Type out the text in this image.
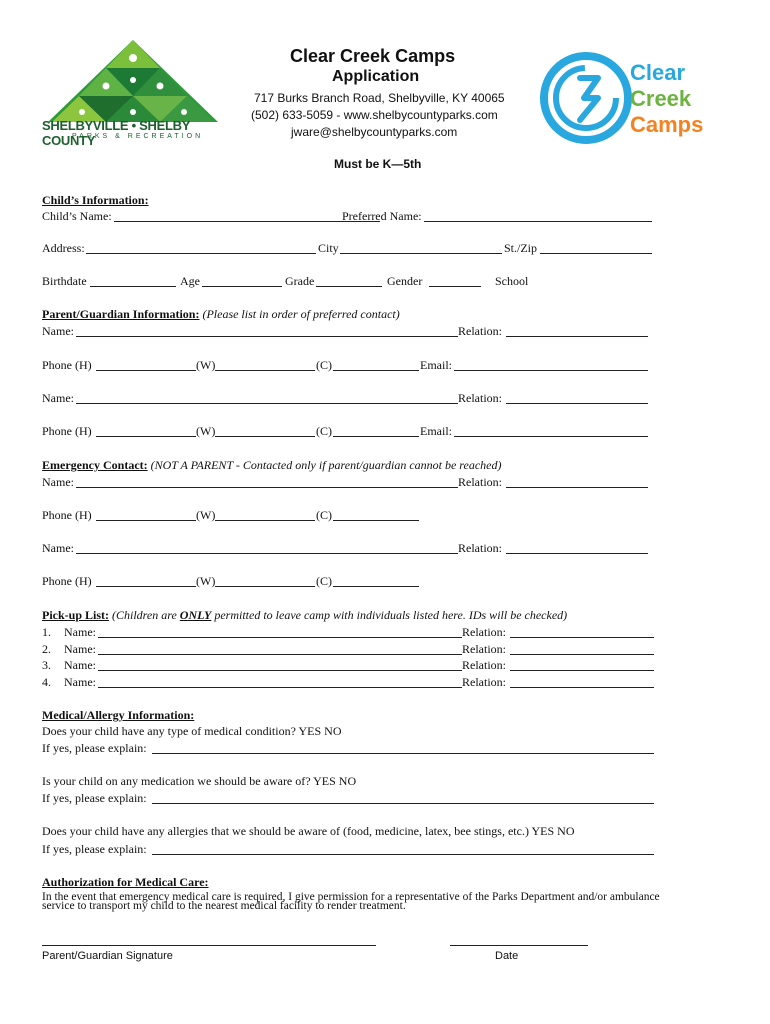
SHELBYVILLE • SHELBY COUNTY
PARKS & RECREATION
Clear Creek Camps
Application
717 Burks Branch Road, Shelbyville, KY 40065
(502) 633-5059 - www.shelbycountyparks.com
jware@shelbycountyparks.com
Must be K—5th
Clear
Creek
Camps
Child’s Information:
Child’s Name:	Preferred Name:
Address:	City	St./Zip
Birthdate	Age	Grade	Gender	School
Parent/Guardian Information: (Please list in order of preferred contact)
Name:	Relation:
Phone (H)	(W)	(C)	Email:
Name:	Relation:
Phone (H)	(W)	(C)	Email:
Emergency Contact: (NOT A PARENT - Contacted only if parent/guardian cannot be reached)
Name:	Relation:
Phone (H)	(W)	(C)
Name:	Relation:
Phone (H)	(W)	(C)
Pick-up List: (Children are ONLY permitted to leave camp with individuals listed here. IDs will be checked)
1. Name:	Relation:
2. Name:	Relation:
3. Name:	Relation:
4. Name:	Relation:
Medical/Allergy Information:
Does your child have any type of medical condition? YES NO
If yes, please explain:
Is your child on any medication we should be aware of? YES NO
If yes, please explain:
Does your child have any allergies that we should be aware of (food, medicine, latex, bee stings, etc.) YES NO
If yes, please explain:
Authorization for Medical Care:
In the event that emergency medical care is required, I give permission for a representative of the Parks Department and/or ambulance
service to transport my child to the nearest medical facility to render treatment.
Parent/Guardian Signature	Date
